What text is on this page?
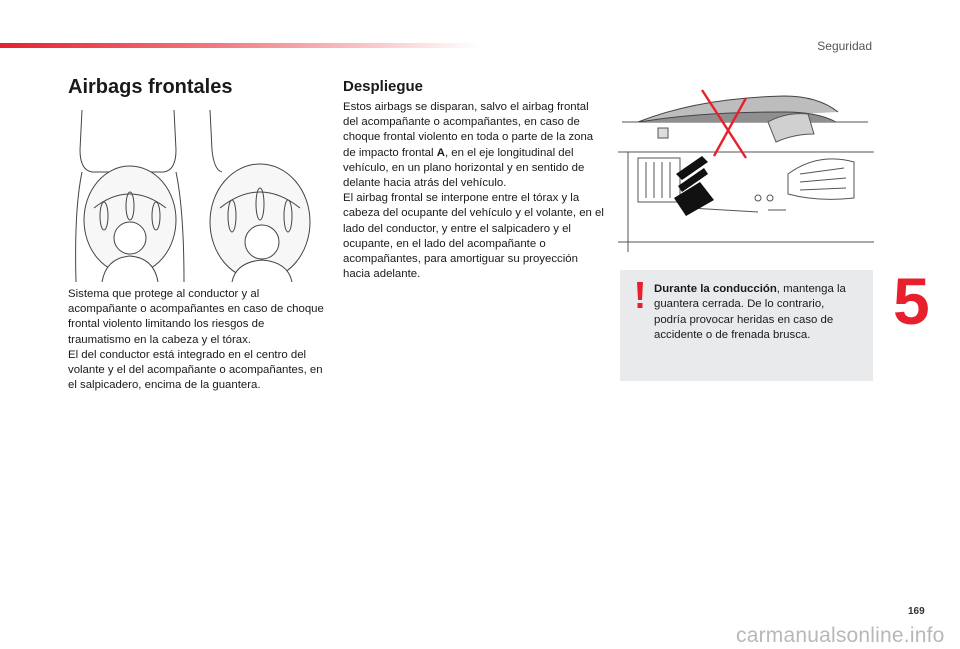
Seguridad
5
Airbags frontales

Sistema que protege al conductor y al acompañante o acompañantes en caso de choque frontal violento limitando los riesgos de traumatismo en la cabeza y el tórax.

El del conductor está integrado en el centro del volante y el del acompañante o acompañantes, en el salpicadero, encima de la guantera.

Despliegue

Estos airbags se disparan, salvo el airbag frontal del acompañante o acompañantes, en caso de choque frontal violento en toda o parte de la zona de impacto frontal A, en el eje longitudinal del vehículo, en un plano horizontal y en sentido de delante hacia atrás del vehículo.

El airbag frontal se interpone entre el tórax y la cabeza del ocupante del vehículo y el volante, en el lado del conductor, y entre el salpicadero y el ocupante, en el lado del acompañante o acompañantes, para amortiguar su proyección hacia adelante.

Durante la conducción, mantenga la guantera cerrada. De lo contrario, podría provocar heridas en caso de accidente o de frenada brusca.
169
carmanualsonline.info
